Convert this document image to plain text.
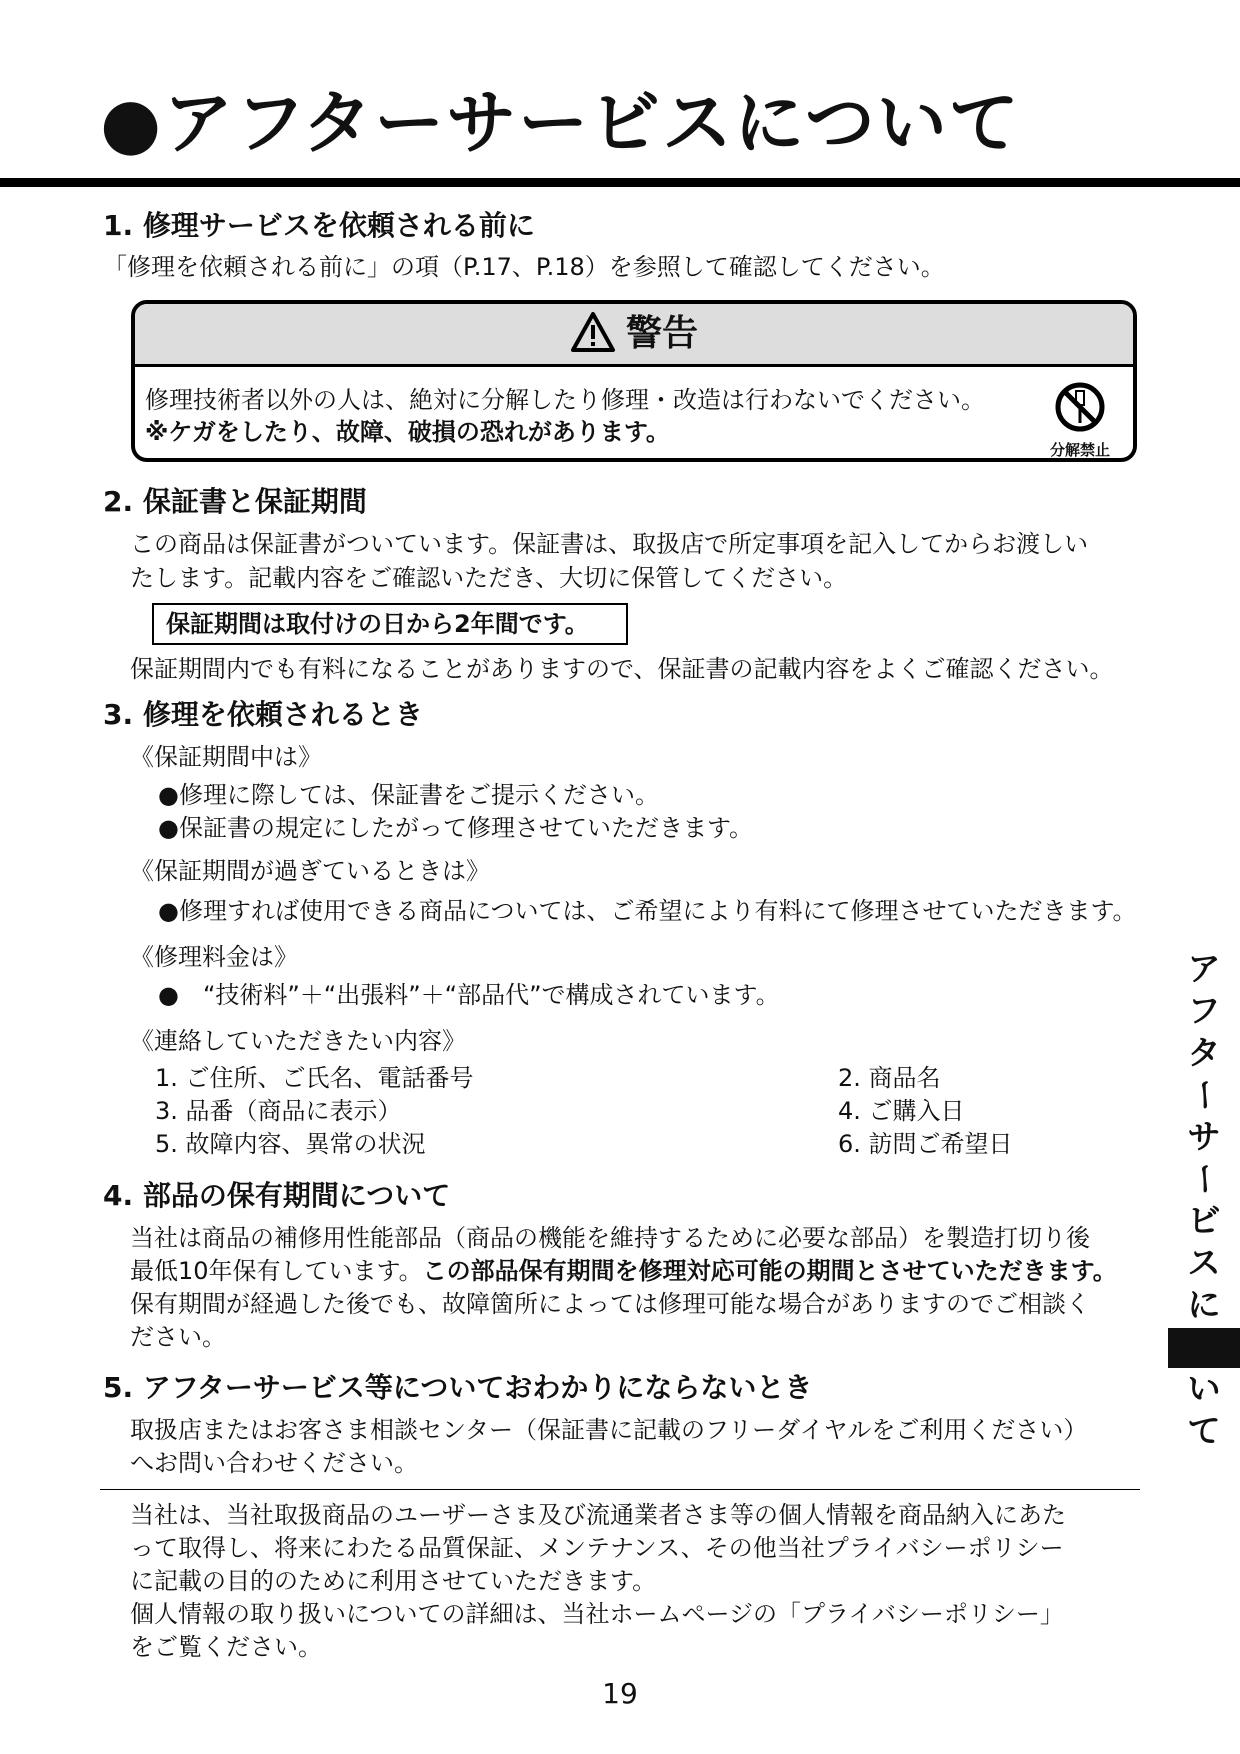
●アフターサービスについて
1. 修理サービスを依頼される前に
「修理を依頼される前に」の項（P.17、P.18）を参照して確認してください。
警告
修理技術者以外の人は、絶対に分解したり修理・改造は行わないでください。
※ケガをしたり、故障、破損の恐れがあります。
分解禁止
2. 保証書と保証期間
この商品は保証書がついています。保証書は、取扱店で所定事項を記入してからお渡しい
たします。記載内容をご確認いただき、大切に保管してください。
保証期間は取付けの日から2年間です。
保証期間内でも有料になることがありますので、保証書の記載内容をよくご確認ください。
3. 修理を依頼されるとき
《保証期間中は》
●修理に際しては、保証書をご提示ください。
●保証書の規定にしたがって修理させていただきます。
《保証期間が過ぎているときは》
●修理すれば使用できる商品については、ご希望により有料にて修理させていただきます。
《修理料金は》
●　“技術料”＋“出張料”＋“部品代”で構成されています。
《連絡していただきたい内容》
1. ご住所、ご氏名、電話番号	2. 商品名
3. 品番（商品に表示）	4. ご購入日
5. 故障内容、異常の状況	6. 訪問ご希望日
4. 部品の保有期間について
当社は商品の補修用性能部品（商品の機能を維持するために必要な部品）を製造打切り後
最低10年保有しています。この部品保有期間を修理対応可能の期間とさせていただきます。
保有期間が経過した後でも、故障箇所によっては修理可能な場合がありますのでご相談く
ださい。
5. アフターサービス等についておわかりにならないとき
取扱店またはお客さま相談センター（保証書に記載のフリーダイヤルをご利用ください）
へお問い合わせください。
当社は、当社取扱商品のユーザーさま及び流通業者さま等の個人情報を商品納入にあた
って取得し、将来にわたる品質保証、メンテナンス、その他当社プライバシーポリシー
に記載の目的のために利用させていただきます。
個人情報の取り扱いについての詳細は、当社ホームページの「プライバシーポリシー」
をご覧ください。
ア
フ
タ
ー
サ
ー
ビ
ス
に
い
て
19
